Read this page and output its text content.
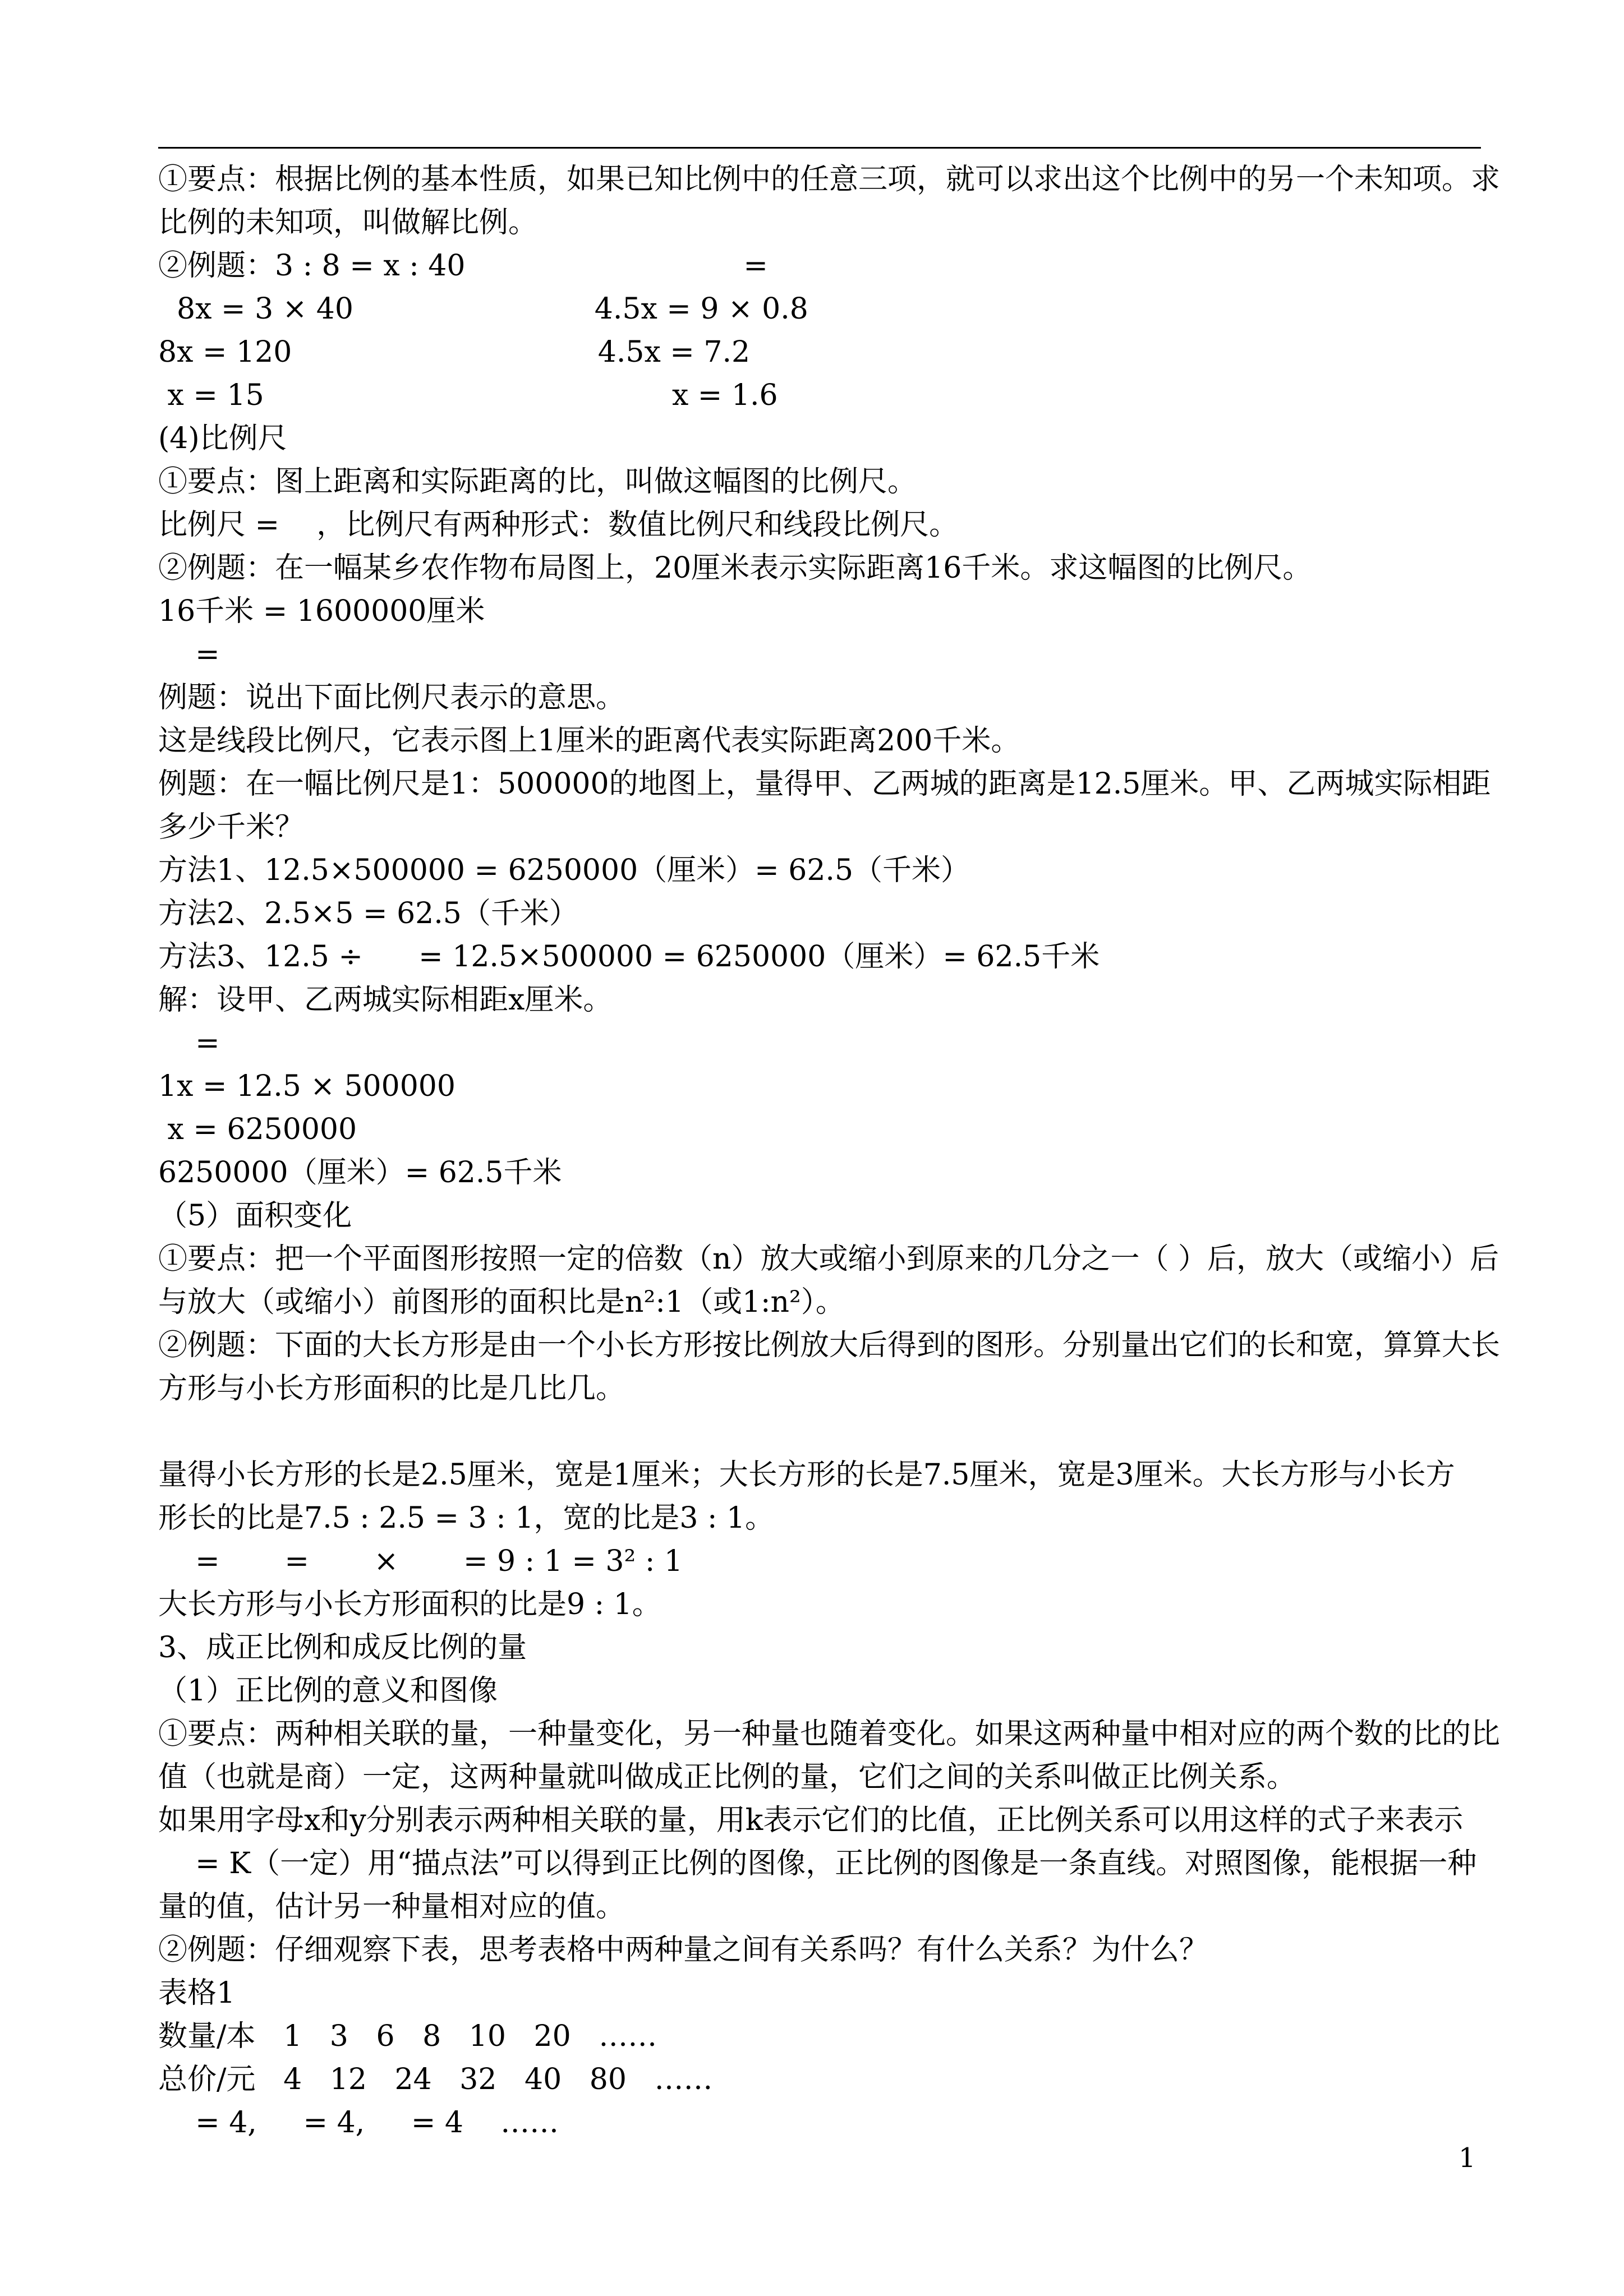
①要点：根据比例的基本性质，如果已知比例中的任意三项，就可以求出这个比例中的另一个未知项。求
比例的未知项，叫做解比例。
②例题：3 : 8 = x : 40                              =
8x = 3 × 40                          4.5x = 9 × 0.8
8x = 120                                 4.5x = 7.2
x = 15                                            x = 1.6
(4)比例尺
①要点：图上距离和实际距离的比，叫做这幅图的比例尺。
比例尺 =    ，比例尺有两种形式：数值比例尺和线段比例尺。
②例题：在一幅某乡农作物布局图上，20厘米表示实际距离16千米。求这幅图的比例尺。
16千米 = 1600000厘米
=
例题：说出下面比例尺表示的意思。
这是线段比例尺，它表示图上1厘米的距离代表实际距离200千米。
例题：在一幅比例尺是1：500000的地图上，量得甲、乙两城的距离是12.5厘米。甲、乙两城实际相距
多少千米？
方法1、12.5×500000 = 6250000（厘米）= 62.5（千米）
方法2、2.5×5 = 62.5（千米）
方法3、12.5 ÷      = 12.5×500000 = 6250000（厘米）= 62.5千米
解：设甲、乙两城实际相距x厘米。
=
1x = 12.5 × 500000
x = 6250000
6250000（厘米）= 62.5千米
（5）面积变化
①要点：把一个平面图形按照一定的倍数（n）放大或缩小到原来的几分之一（ ）后，放大（或缩小）后
与放大（或缩小）前图形的面积比是n²:1（或1:n²）。
②例题：下面的大长方形是由一个小长方形按比例放大后得到的图形。分别量出它们的长和宽，算算大长
方形与小长方形面积的比是几比几。
量得小长方形的长是2.5厘米，宽是1厘米；大长方形的长是7.5厘米，宽是3厘米。大长方形与小长方
形长的比是7.5 : 2.5 = 3 : 1，宽的比是3 : 1。
=       =       ×       = 9 : 1 = 3² : 1
大长方形与小长方形面积的比是9 : 1。
3、成正比例和成反比例的量
（1）正比例的意义和图像
①要点：两种相关联的量，一种量变化，另一种量也随着变化。如果这两种量中相对应的两个数的比的比
值（也就是商）一定，这两种量就叫做成正比例的量，它们之间的关系叫做正比例关系。
如果用字母x和y分别表示两种相关联的量，用k表示它们的比值，正比例关系可以用这样的式子来表示
= K（一定）用“描点法”可以得到正比例的图像，正比例的图像是一条直线。对照图像，能根据一种
量的值，估计另一种量相对应的值。
②例题：仔细观察下表，思考表格中两种量之间有关系吗？有什么关系？为什么？
表格1
数量/本   1   3   6   8   10   20   ……
总价/元   4   12   24   32   40   80   ……
= 4,     = 4,     = 4    ……
1
